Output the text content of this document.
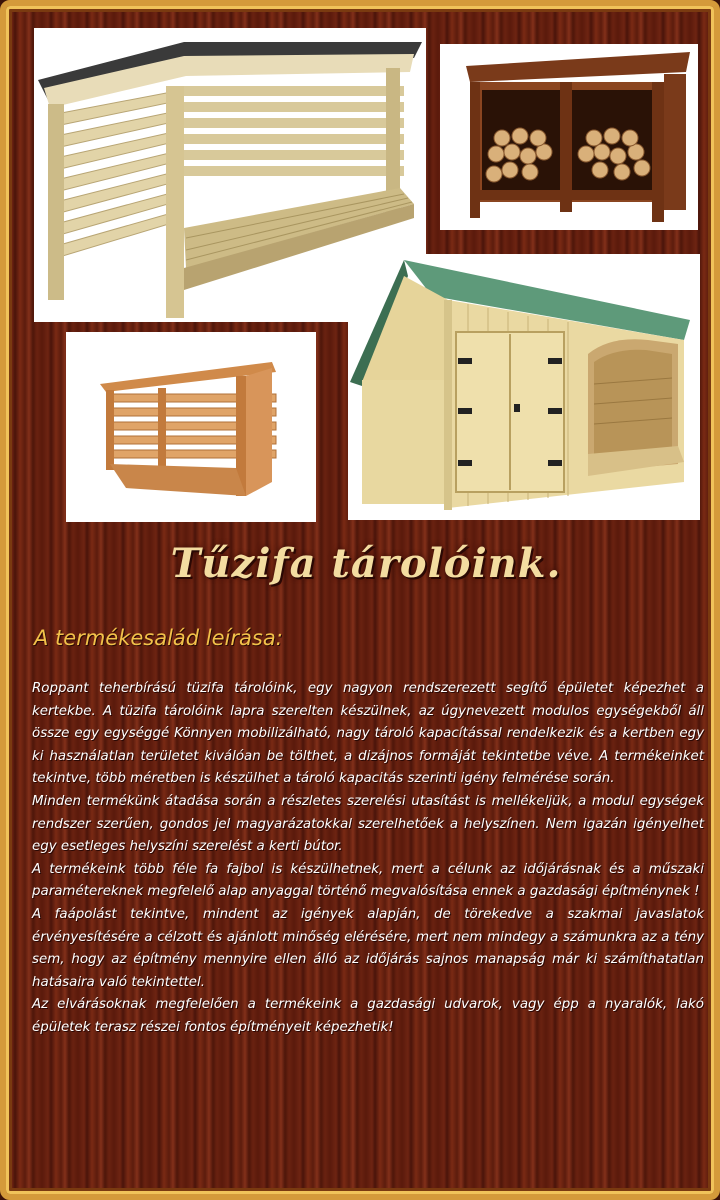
Tűzifa tárolóink.
A termékesalád leírása:

Roppant teherbírású tüzifa tárolóink, egy nagyon rendszerezett segítő épületet képezhet a kertekbe. A tüzifa tárolóink lapra szerelten készülnek, az úgynevezett modulos egységekből áll össze egy egységgé Könnyen mobilizálható, nagy tároló kapacítással rendelkezik és a kertben egy ki használatlan területet kiválóan be tölthet, a dizájnos formáját tekintetbe véve. A termékeinket tekintve, több méretben is készülhet a tároló kapacitás szerinti igény felmérése során.

Minden termékünk átadása során a részletes szerelési utasítást is mellékeljük, a modul egységek rendszer szerűen, gondos jel magyarázatokkal szerelhetőek a helyszínen. Nem igazán igényelhet egy esetleges helyszíni szerelést a kerti bútor.

A termékeink több féle fa fajbol is készülhetnek, mert a célunk az időjárásnak és a műszaki paramétereknek megfelelő alap anyaggal történő megvalósítása ennek a gazdasági építménynek !

A faápolást tekintve, mindent az igények alapján, de törekedve a szakmai javaslatok érvényesítésére a célzott és ajánlott minőség elérésére, mert nem mindegy a számunkra az a tény sem, hogy az építmény mennyire ellen álló az időjárás sajnos manapság már ki számíthatatlan hatásaira való tekintettel.

Az elvárásoknak megfelelően a termékeink a gazdasági udvarok, vagy épp a nyaralók, lakó épületek terasz részei fontos építményeit képezhetik!
